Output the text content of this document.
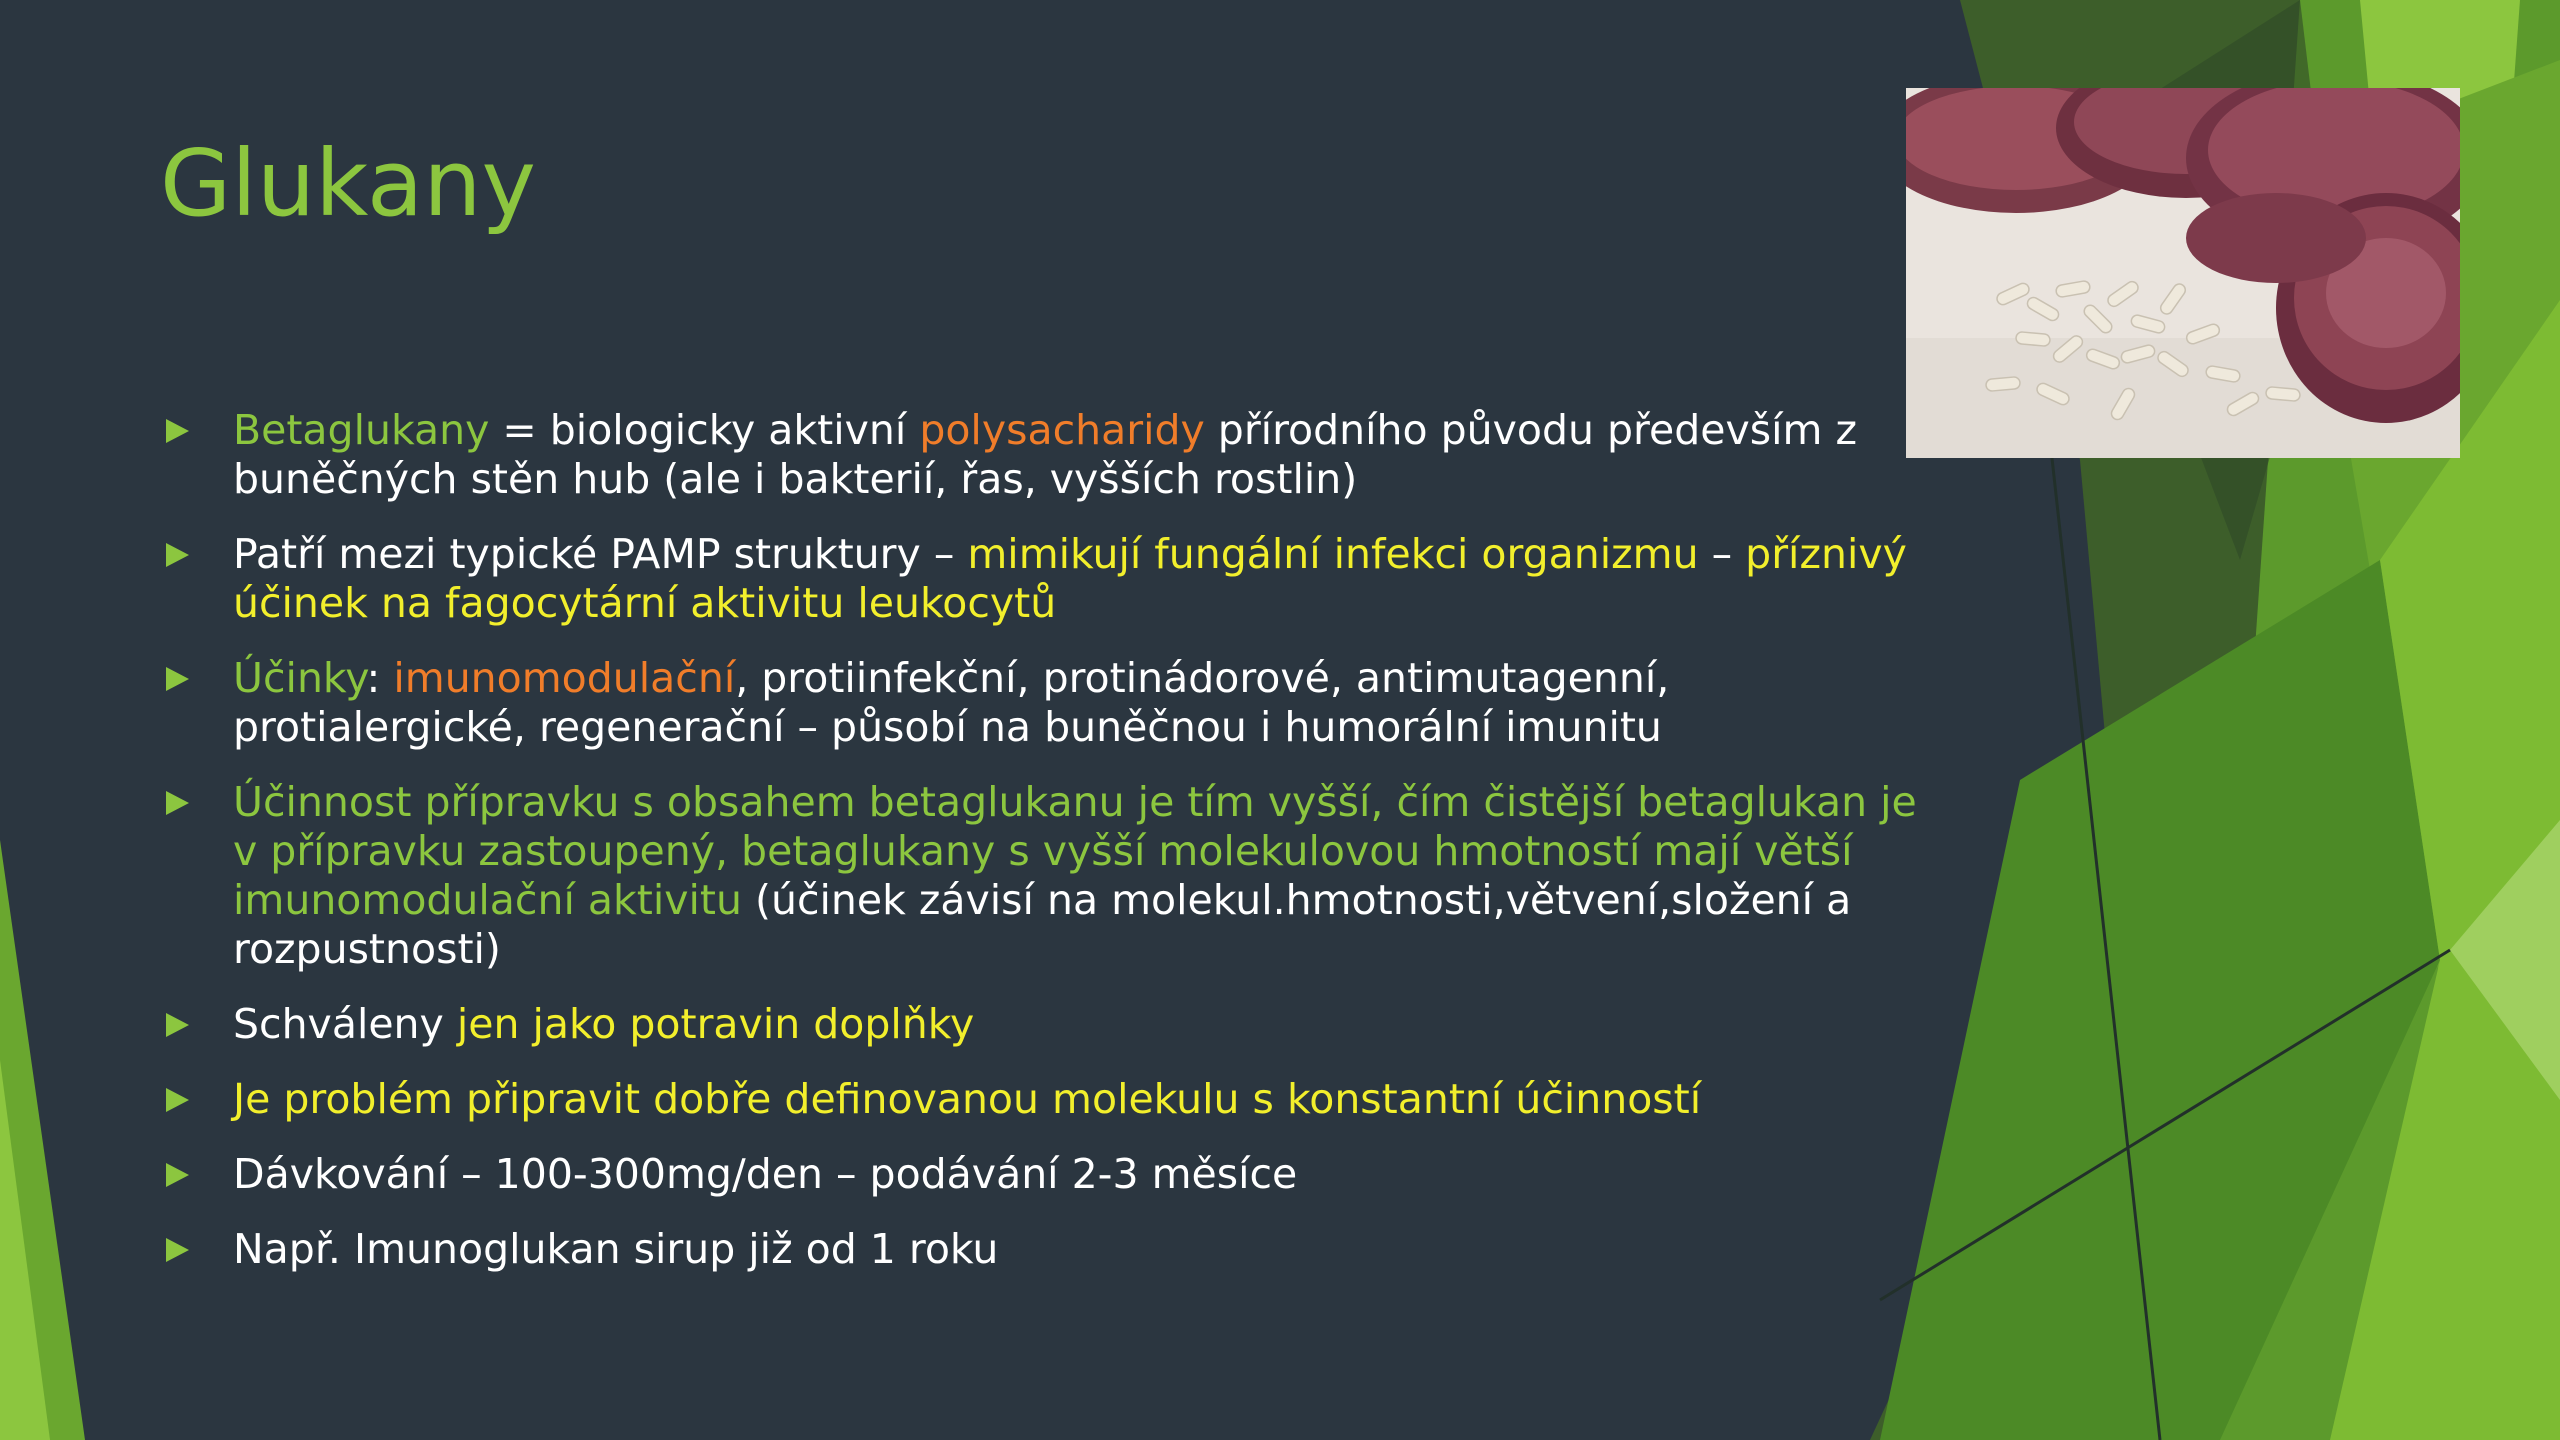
Glukany
Betaglukany = biologicky aktivní polysacharidy přírodního původu především z buněčných stěn hub (ale i bakterií, řas, vyšších rostlin)
Patří mezi typické PAMP struktury – mimikují fungální infekci organizmu – příznivý účinek na fagocytární aktivitu leukocytů
Účinky: imunomodulační, protiinfekční, protinádorové, antimutagenní, protialergické, regenerační – působí na buněčnou i humorální imunitu
Účinnost přípravku s obsahem betaglukanu je tím vyšší, čím čistější betaglukan je v přípravku zastoupený, betaglukany s vyšší molekulovou hmotností mají větší imunomodulační aktivitu (účinek závisí na molekul.hmotnosti,větvení,složení a rozpustnosti)
Schváleny jen jako potravin doplňky
Je problém připravit dobře definovanou molekulu s konstantní účinností
Dávkování – 100-300mg/den – podávání 2-3 měsíce
Např. Imunoglukan sirup již od 1 roku
